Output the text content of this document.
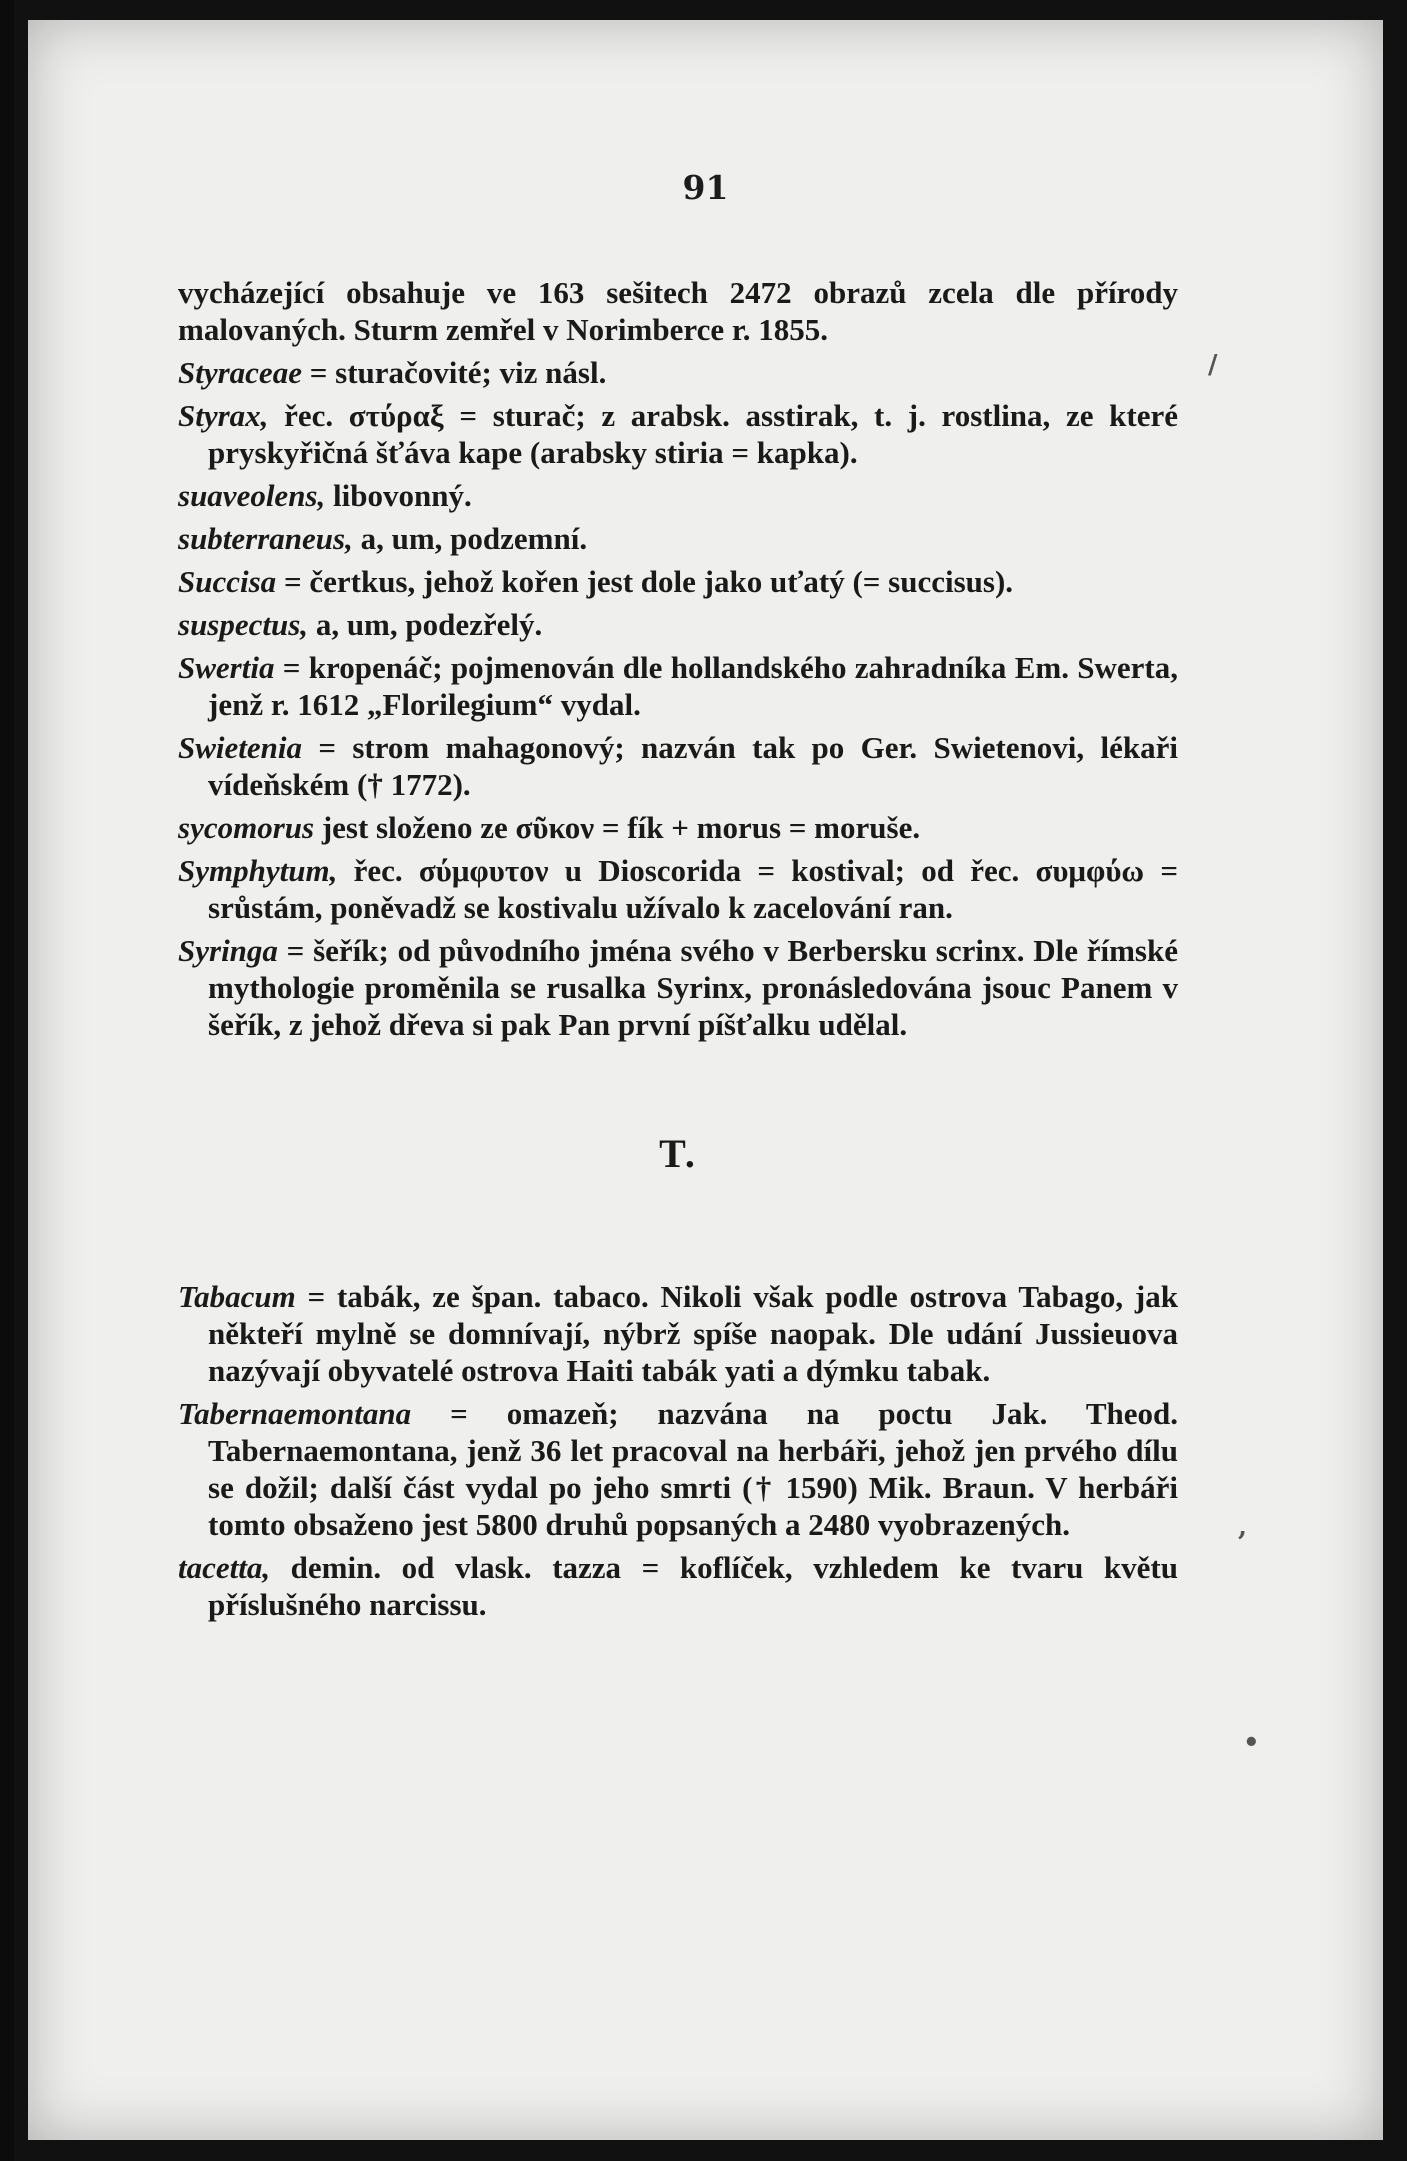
91
vycházející obsahuje ve 163 sešitech 2472 obrazů zcela dle přírody malovaných. Sturm zemřel v Norimberce r. 1855.
Styraceae = sturačovité; viz násl.
Styrax, řec. στύραξ = sturač; z arabsk. asstirak, t. j. rostlina, ze které pryskyřičná šťáva kape (arabsky stiria = kapka).
suaveolens, libovonný.
subterraneus, a, um, podzemní.
Succisa = čertkus, jehož kořen jest dole jako uťatý (= succisus).
suspectus, a, um, podezřelý.
Swertia = kropenáč; pojmenován dle hollandského zahradníka Em. Swerta, jenž r. 1612 „Florilegium“ vydal.
Swietenia = strom mahagonový; nazván tak po Ger. Swietenovi, lékaři vídeňském († 1772).
sycomorus jest složeno ze σῦκον = fík + morus = moruše.
Symphytum, řec. σύμφυτον u Dioscorida = kostival; od řec. συμφύω = srůstám, poněvadž se kostivalu užívalo k zacelování ran.
Syringa = šeřík; od původního jména svého v Berbersku scrinx. Dle římské mythologie proměnila se rusalka Syrinx, pronásledována jsouc Panem v šeřík, z jehož dřeva si pak Pan první píšťalku udělal.
T.
Tabacum = tabák, ze špan. tabaco. Nikoli však podle ostrova Tabago, jak někteří mylně se domnívají, nýbrž spíše naopak. Dle udání Jussieuova nazývají obyvatelé ostrova Haiti tabák yati a dýmku tabak.
Tabernaemontana = omazeň; nazvána na poctu Jak. Theod. Tabernaemontana, jenž 36 let pracoval na herbáři, jehož jen prvého dílu se dožil; další část vydal po jeho smrti († 1590) Mik. Braun. V herbáři tomto obsaženo jest 5800 druhů popsaných a 2480 vyobrazených.
tacetta, demin. od vlask. tazza = koflíček, vzhledem ke tvaru květu příslušného narcissu.
/
,
•
